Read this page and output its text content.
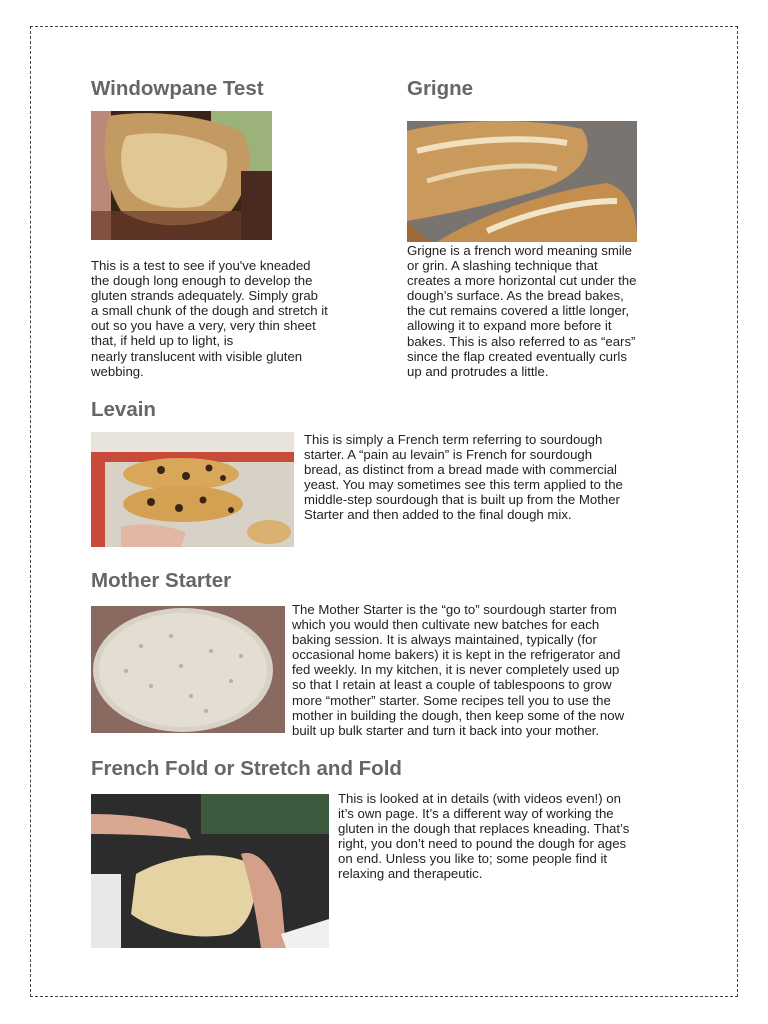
Windowpane Test

This is a test to see if you've kneaded
the dough long enough to develop the
gluten strands adequately. Simply grab
a small chunk of the dough and stretch it
out so you have a very, very thin sheet
that, if held up to light, is
nearly translucent with visible gluten
webbing.

Grigne

Grigne is a french word meaning smile
or grin. A slashing technique that
creates a more horizontal cut under the
dough’s surface. As the bread bakes,
the cut remains covered a little longer,
allowing it to expand more before it
bakes. This is also referred to as “ears”
since the flap created eventually curls
up and protrudes a little.

Levain

This is simply a French term referring to sourdough
starter. A “pain au levain” is French for sourdough
bread, as distinct from a bread made with commercial
yeast. You may sometimes see this term applied to the
middle-step sourdough that is built up from the Mother
Starter and then added to the final dough mix.

Mother Starter

The Mother Starter is the “go to” sourdough starter from
which you would then cultivate new batches for each
baking session. It is always maintained, typically (for
occasional home bakers) it is kept in the refrigerator and
fed weekly. In my kitchen, it is never completely used up
so that I retain at least a couple of tablespoons to grow
more “mother” starter. Some recipes tell you to use the
mother in building the dough, then keep some of the now
built up bulk starter and turn it back into your mother.

French Fold or Stretch and Fold

This is looked at in details (with videos even!) on
it’s own page. It’s a different way of working the
gluten in the dough that replaces kneading. That’s
right, you don’t need to pound the dough for ages
on end. Unless you like to; some people find it
relaxing and therapeutic.
